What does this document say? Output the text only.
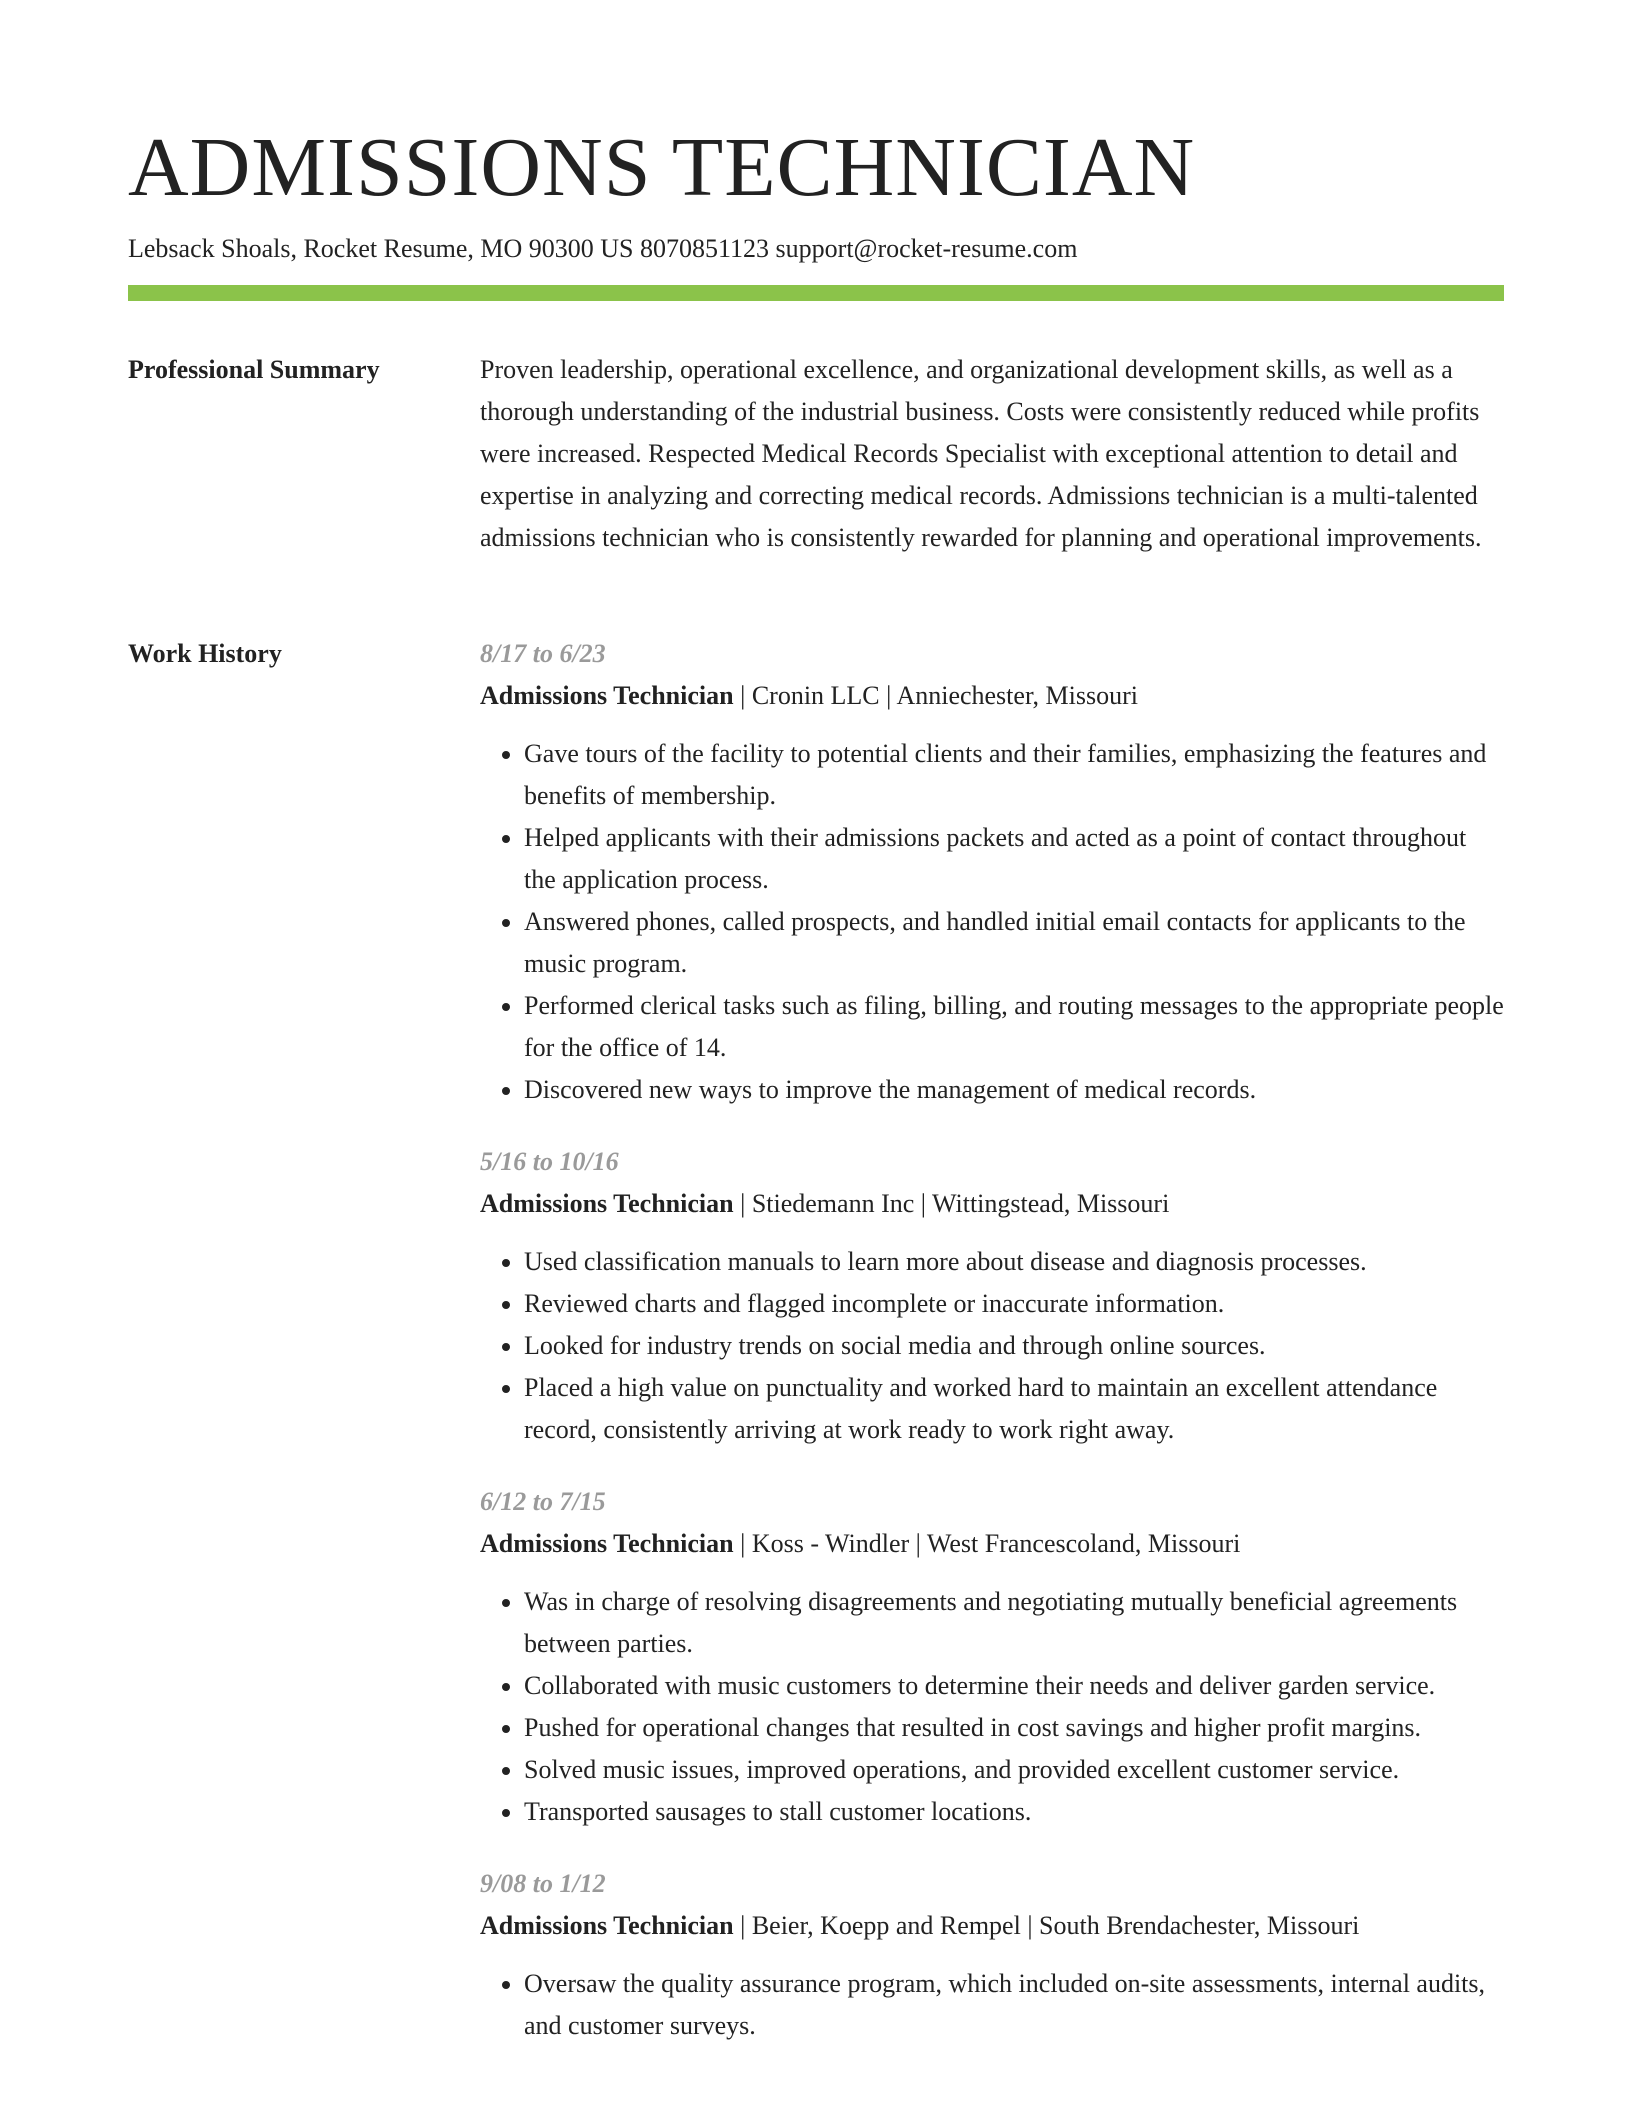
ADMISSIONS TECHNICIAN
Lebsack Shoals, Rocket Resume, MO 90300 US 8070851123 support@rocket-resume.com
Professional Summary	Proven leadership, operational excellence, and organizational development skills, as well as a thorough understanding of the industrial business. Costs were consistently reduced while profits were increased. Respected Medical Records Specialist with exceptional attention to detail and expertise in analyzing and correcting medical records. Admissions technician is a multi-talented admissions technician who is consistently rewarded for planning and operational improvements.

Work History	8/17 to 6/23
Admissions Technician | Cronin LLC | Anniechester, Missouri
• Gave tours of the facility to potential clients and their families, emphasizing the features and benefits of membership.
• Helped applicants with their admissions packets and acted as a point of contact throughout the application process.
• Answered phones, called prospects, and handled initial email contacts for applicants to the music program.
• Performed clerical tasks such as filing, billing, and routing messages to the appropriate people for the office of 14.
• Discovered new ways to improve the management of medical records.
5/16 to 10/16
Admissions Technician | Stiedemann Inc | Wittingstead, Missouri
• Used classification manuals to learn more about disease and diagnosis processes.
• Reviewed charts and flagged incomplete or inaccurate information.
• Looked for industry trends on social media and through online sources.
• Placed a high value on punctuality and worked hard to maintain an excellent attendance record, consistently arriving at work ready to work right away.
6/12 to 7/15
Admissions Technician | Koss - Windler | West Francescoland, Missouri
• Was in charge of resolving disagreements and negotiating mutually beneficial agreements between parties.
• Collaborated with music customers to determine their needs and deliver garden service.
• Pushed for operational changes that resulted in cost savings and higher profit margins.
• Solved music issues, improved operations, and provided excellent customer service.
• Transported sausages to stall customer locations.
9/08 to 1/12
Admissions Technician | Beier, Koepp and Rempel | South Brendachester, Missouri
• Oversaw the quality assurance program, which included on-site assessments, internal audits, and customer surveys.
